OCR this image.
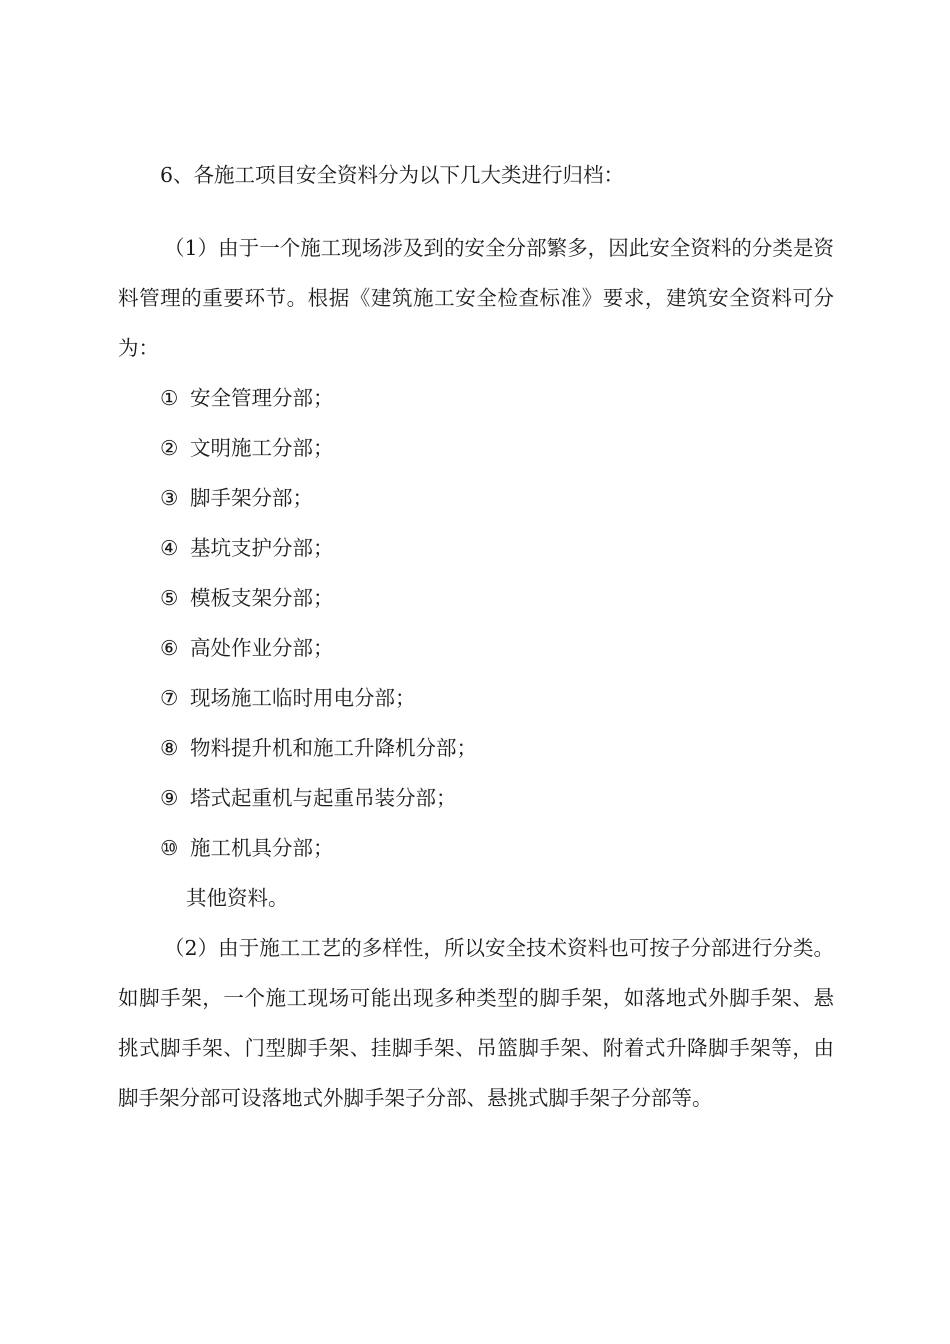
6、各施工项目安全资料分为以下几大类进行归档：
（1）由于一个施工现场涉及到的安全分部繁多，因此安全资料的分类是资料管理的重要环节。根据《建筑施工安全检查标准》要求，建筑安全资料可分为：
① 安全管理分部；
② 文明施工分部；
③ 脚手架分部；
④ 基坑支护分部；
⑤ 模板支架分部；
⑥ 高处作业分部；
⑦ 现场施工临时用电分部；
⑧ 物料提升机和施工升降机分部；
⑨ 塔式起重机与起重吊装分部；
⑩ 施工机具分部；
其他资料。
（2）由于施工工艺的多样性，所以安全技术资料也可按子分部进行分类。如脚手架，一个施工现场可能出现多种类型的脚手架，如落地式外脚手架、悬挑式脚手架、门型脚手架、挂脚手架、吊篮脚手架、附着式升降脚手架等，由脚手架分部可设落地式外脚手架子分部、悬挑式脚手架子分部等。
